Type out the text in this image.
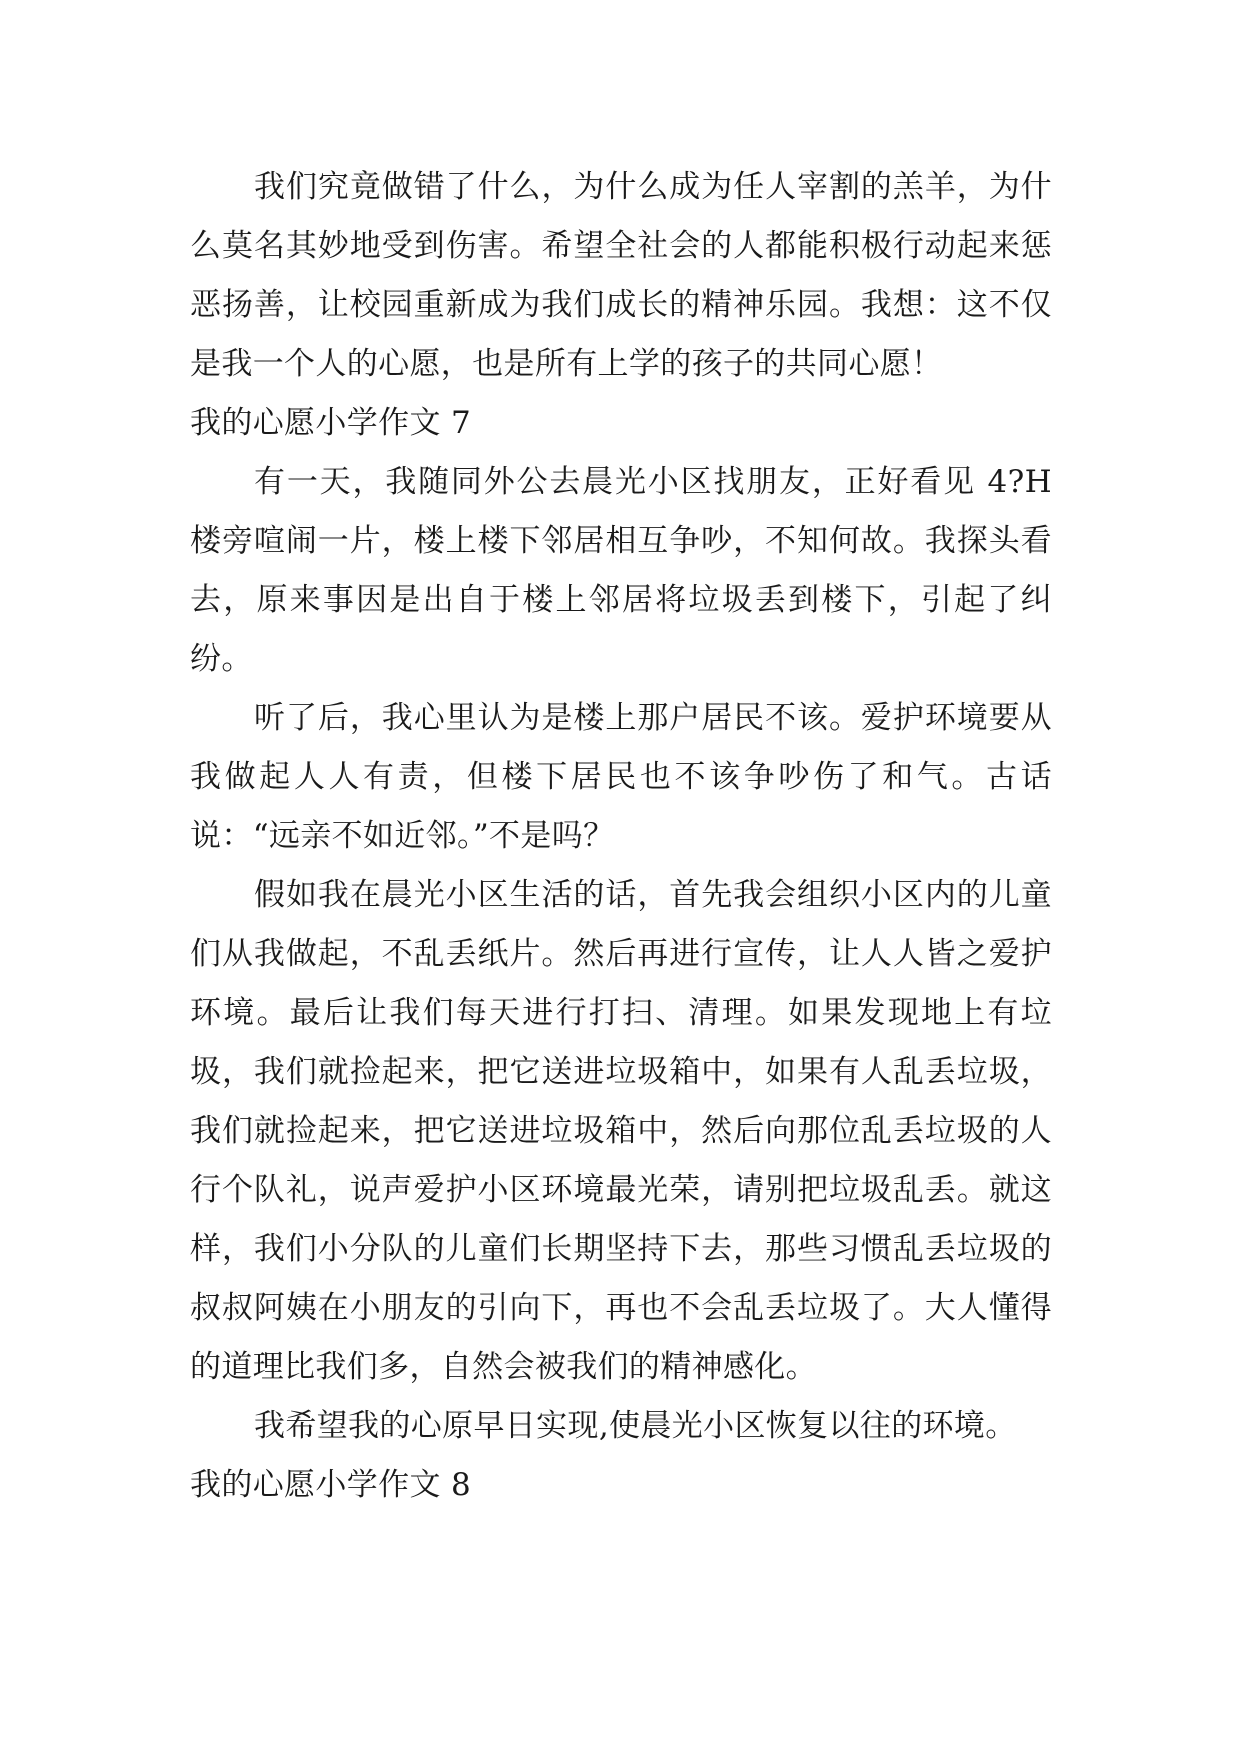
我们究竟做错了什么，为什么成为任人宰割的羔羊，为什么莫名其妙地受到伤害。希望全社会的人都能积极行动起来惩恶扬善，让校园重新成为我们成长的精神乐园。我想：这不仅是我一个人的心愿，也是所有上学的孩子的共同心愿！

我的心愿小学作文 7

有一天，我随同外公去晨光小区找朋友，正好看见 4?H 楼旁喧闹一片，楼上楼下邻居相互争吵，不知何故。我探头看去，原来事因是出自于楼上邻居将垃圾丢到楼下，引起了纠纷。

听了后，我心里认为是楼上那户居民不该。爱护环境要从我做起人人有责，但楼下居民也不该争吵伤了和气。古话说：“远亲不如近邻。”不是吗？

假如我在晨光小区生活的话，首先我会组织小区内的儿童们从我做起，不乱丢纸片。然后再进行宣传，让人人皆之爱护环境。最后让我们每天进行打扫、清理。如果发现地上有垃圾，我们就捡起来，把它送进垃圾箱中，如果有人乱丢垃圾，我们就捡起来，把它送进垃圾箱中，然后向那位乱丢垃圾的人行个队礼，说声爱护小区环境最光荣，请别把垃圾乱丢。就这样，我们小分队的儿童们长期坚持下去，那些习惯乱丢垃圾的叔叔阿姨在小朋友的引向下，再也不会乱丢垃圾了。大人懂得的道理比我们多，自然会被我们的精神感化。

我希望我的心原早日实现,使晨光小区恢复以往的环境。

我的心愿小学作文 8
